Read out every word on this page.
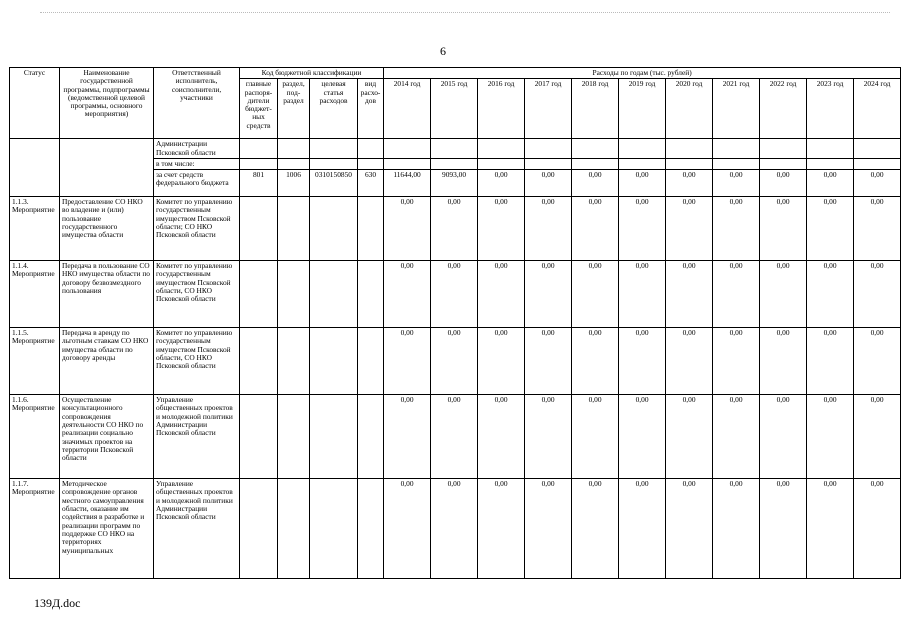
6
Статус	Наименование государственной программы, подпрограммы (ведомственной целевой программы, основного мероприятия)	Ответственный исполнитель, соисполнители, участники	Код бюджетной классификации				Расходы по годам (тыс. рублей)										
			главные распоря-дители бюджет-ных средств	раздел, под-раздел	целевая статья расходов	вид расхо-дов	2014 год	2015 год	2016 год	2017 год	2018 год	2019 год	2020 год	2021 год	2022 год	2023 год	2024 год
		Администрации Псковской области															
		в том числе:															
		за счет средств федерального бюджета	801	1006	0310150850	630	11644,00	9093,00	0,00	0,00	0,00	0,00	0,00	0,00	0,00	0,00	0,00
1.1.3. Мероприятие	Предоставление СО НКО во владение и (или) пользование государственного имущества области	Комитет по управлению государственным имуществом Псковской области; СО НКО Псковской области					0,00	0,00	0,00	0,00	0,00	0,00	0,00	0,00	0,00	0,00	0,00
1.1.4. Мероприятие	Передача в пользование СО НКО имущества области по договору безвозмездного пользования	Комитет по управлению государственным имуществом Псковской области, СО НКО Псковской области					0,00	0,00	0,00	0,00	0,00	0,00	0,00	0,00	0,00	0,00	0,00
1.1.5. Мероприятие	Передача в аренду по льготным ставкам СО НКО имущества области по договору аренды	Комитет по управлению государственным имуществом Псковской области, СО НКО Псковской области					0,00	0,00	0,00	0,00	0,00	0,00	0,00	0,00	0,00	0,00	0,00
1.1.6. Мероприятие	Осуществление консультационного сопровождения деятельности СО НКО по реализации социально значимых проектов на территории Псковской области	Управление общественных проектов и молодежной политики Администрации Псковской области					0,00	0,00	0,00	0,00	0,00	0,00	0,00	0,00	0,00	0,00	0,00
1.1.7. Мероприятие	Методическое сопровождение органов местного самоуправления области, оказание им содействия в разработке и реализации программ по поддержке СО НКО на территориях муниципальных	Управление общественных проектов и молодежной политики Администрации Псковской области					0,00	0,00	0,00	0,00	0,00	0,00	0,00	0,00	0,00	0,00	0,00
139Д.doc
